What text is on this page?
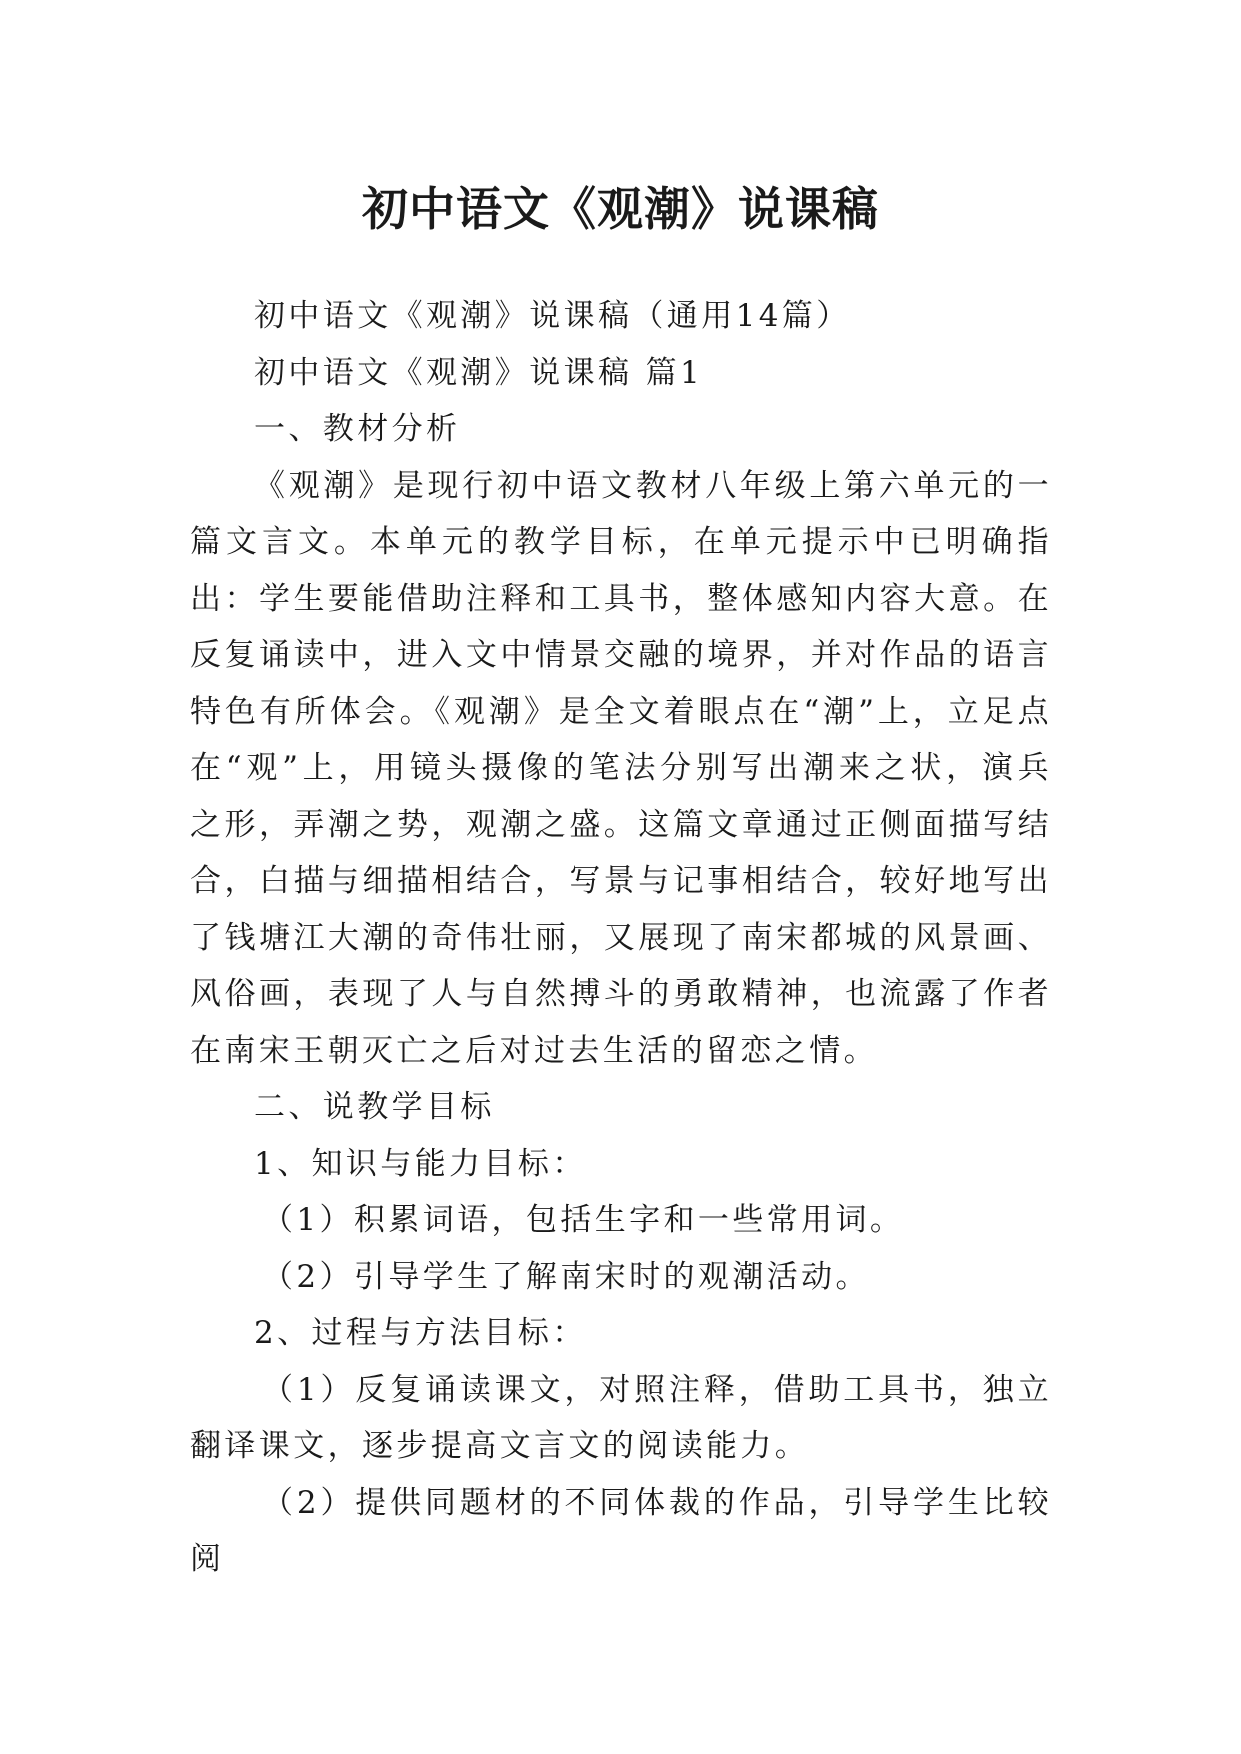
初中语文《观潮》说课稿

初中语文《观潮》说课稿（通用14篇）

初中语文《观潮》说课稿 篇1

一、教材分析

《观潮》是现行初中语文教材八年级上第六单元的一篇文言文。本单元的教学目标，在单元提示中已明确指出：学生要能借助注释和工具书，整体感知内容大意。在反复诵读中，进入文中情景交融的境界，并对作品的语言特色有所体会。《观潮》是全文着眼点在“潮”上，立足点在“观”上，用镜头摄像的笔法分别写出潮来之状，演兵之形，弄潮之势，观潮之盛。这篇文章通过正侧面描写结合，白描与细描相结合，写景与记事相结合，较好地写出了钱塘江大潮的奇伟壮丽，又展现了南宋都城的风景画、风俗画，表现了人与自然搏斗的勇敢精神，也流露了作者在南宋王朝灭亡之后对过去生活的留恋之情。

二、说教学目标

1、知识与能力目标：

（1）积累词语，包括生字和一些常用词。

（2）引导学生了解南宋时的观潮活动。

2、过程与方法目标：

（1）反复诵读课文，对照注释，借助工具书，独立翻译课文，逐步提高文言文的阅读能力。

（2）提供同题材的不同体裁的作品，引导学生比较阅
